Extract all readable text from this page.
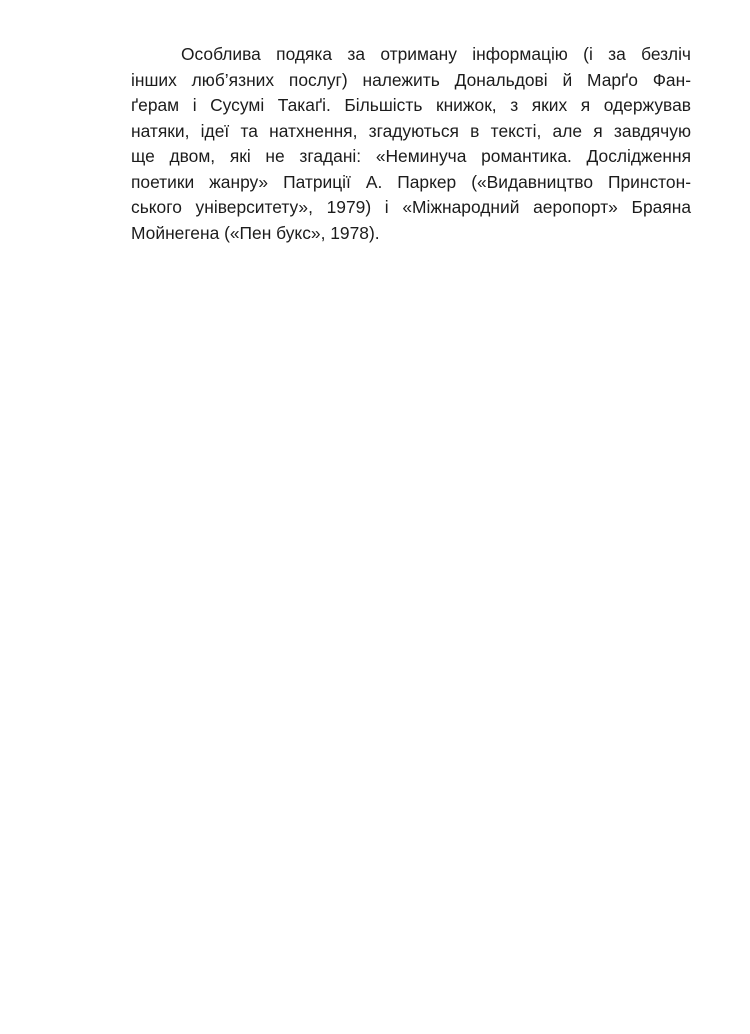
Особлива подяка за отриману інформацію (і за безліч
інших люб’язних послуг) належить Дональдові й Марґо Фан-
ґерам і Сусумі Такаґі. Більшість книжок, з яких я одержував
натяки, ідеї та натхнення, згадуються в тексті, але я завдячую
ще двом, які не згадані: «Неминуча романтика. Дослідження
поетики жанру» Патриції А. Паркер («Видавництво Принстон-
ського університету», 1979) і «Міжнародний аеропорт» Браяна
Мойнегена («Пен букс», 1978).
